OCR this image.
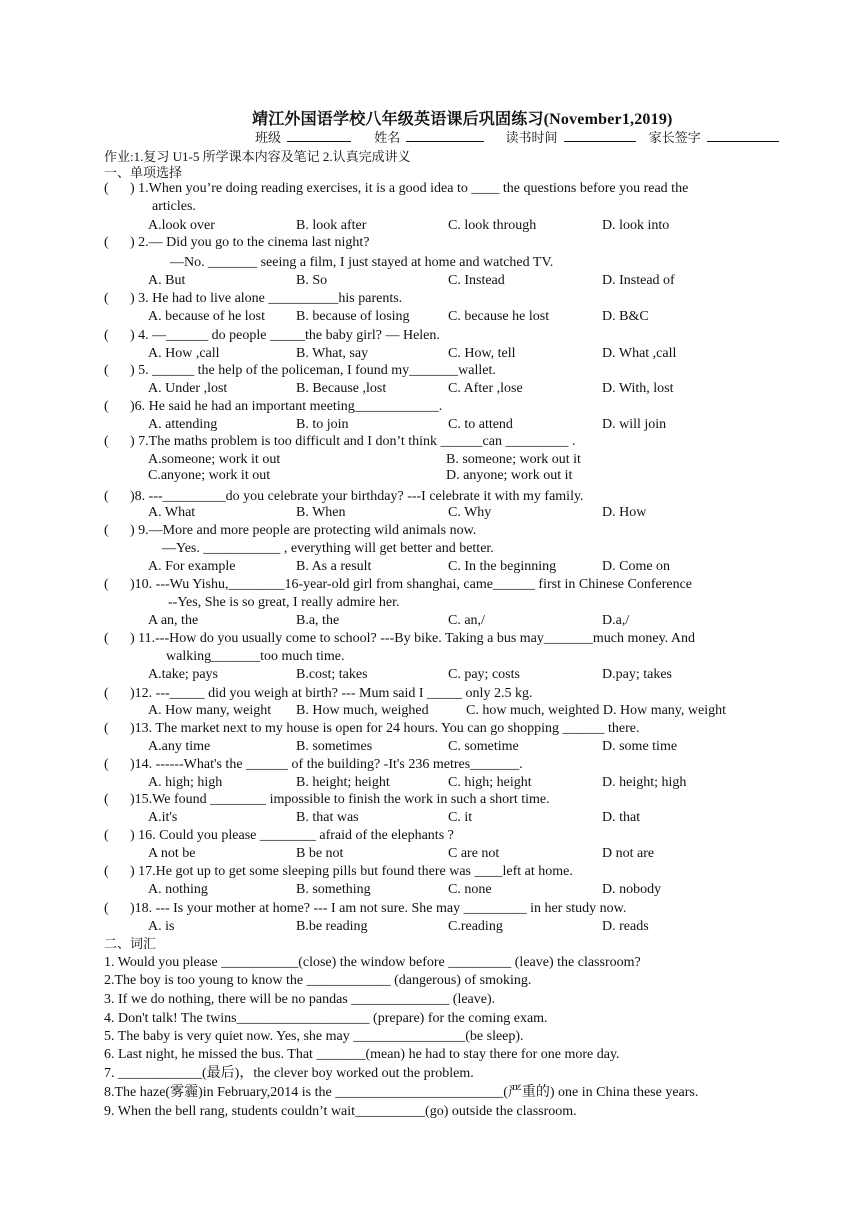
靖江外国语学校八年级英语课后巩固练习(November1,2019)
班级	姓名	读书时间	家长签字
作业:1.复习 U1-5 所学课本内容及笔记 2.认真完成讲义
一、单项选择
( ) 1.When you’re doing reading exercises, it is a good idea to ____ the questions before you read the
articles.
A.look over	B. look after	C. look through	D. look into
( ) 2.— Did you go to the cinema last night?
—No. _______ seeing a film, I just stayed at home and watched TV.
A. But	B. So	C. Instead	D. Instead of
( ) 3. He had to live alone __________his parents.
A. because of he lost B. because of losing	C. because he lost	D. B&C
( ) 4. —______ do people _____the baby girl? — Helen.
A. How ,call	B. What, say	C. How, tell	D. What ,call
( ) 5. ______ the help of the policeman, I found my_______wallet.
A. Under ,lost	B. Because ,lost	C. After ,lose	D. With, lost
( )6. He said he had an important meeting____________.
A. attending	B. to join	C. to attend	D. will join
( ) 7.The maths problem is too difficult and I don’t think ______can _________ .
A.someone; work it out	B. someone; work out it
C.anyone; work it out	D. anyone; work out it
( )8. ---_________do you celebrate your birthday? ---I celebrate it with my family.
A. What	B. When	C. Why	D. How
( ) 9.—More and more people are protecting wild animals now.
—Yes. ___________ , everything will get better and better.
A. For example	B. As a result	C. In the beginning	D. Come on
( )10. ---Wu Yishu,________16-year-old girl from shanghai, came______ first in Chinese Conference
--Yes, She is so great, I really admire her.
A an, the	B.a, the	C. an,/	D.a,/
( ) 11.---How do you usually come to school? ---By bike. Taking a bus may_______much money. And
walking_______too much time.
A.take; pays	B.cost; takes	C. pay; costs	D.pay; takes
( )12. ---_____ did you weigh at birth? --- Mum said I _____ only 2.5 kg.
A. How many, weight B. How much, weighed	C. how much, weighted D. How many, weight
( )13. The market next to my house is open for 24 hours. You can go shopping ______ there.
A.any time	B. sometimes	C. sometime	D. some time
( )14. ------What's the ______ of the building? -It's 236 metres_______.
A. high; high	B. height; height	C. high; height	D. height; high
( )15.We found ________ impossible to finish the work in such a short time.
A.it's	B. that was	C. it	D. that
( ) 16. Could you please ________ afraid of the elephants ?
A not be	B be not	C are not	D not are
( ) 17.He got up to get some sleeping pills but found there was ____left at home.
A. nothing	B. something	C. none	D. nobody
( )18. --- Is your mother at home? --- I am not sure. She may _________ in her study now.
A. is	B.be reading	C.reading	D. reads
二、词汇
1. Would you please ___________(close) the window before _________ (leave) the classroom?
2.The boy is too young to know the ____________ (dangerous) of smoking.
3. If we do nothing, there will be no pandas ______________ (leave).
4. Don't talk! The twins___________________ (prepare) for the coming exam.
5. The baby is very quiet now. Yes, she may ________________(be sleep).
6. Last night, he missed the bus. That _______(mean) he had to stay there for one more day.
7. ____________(最后)，the clever boy worked out the problem.
8.The haze(雾霾)in February,2014 is the ________________________(严重的) one in China these years.
9. When the bell rang, students couldn’t wait__________(go) outside the classroom.
